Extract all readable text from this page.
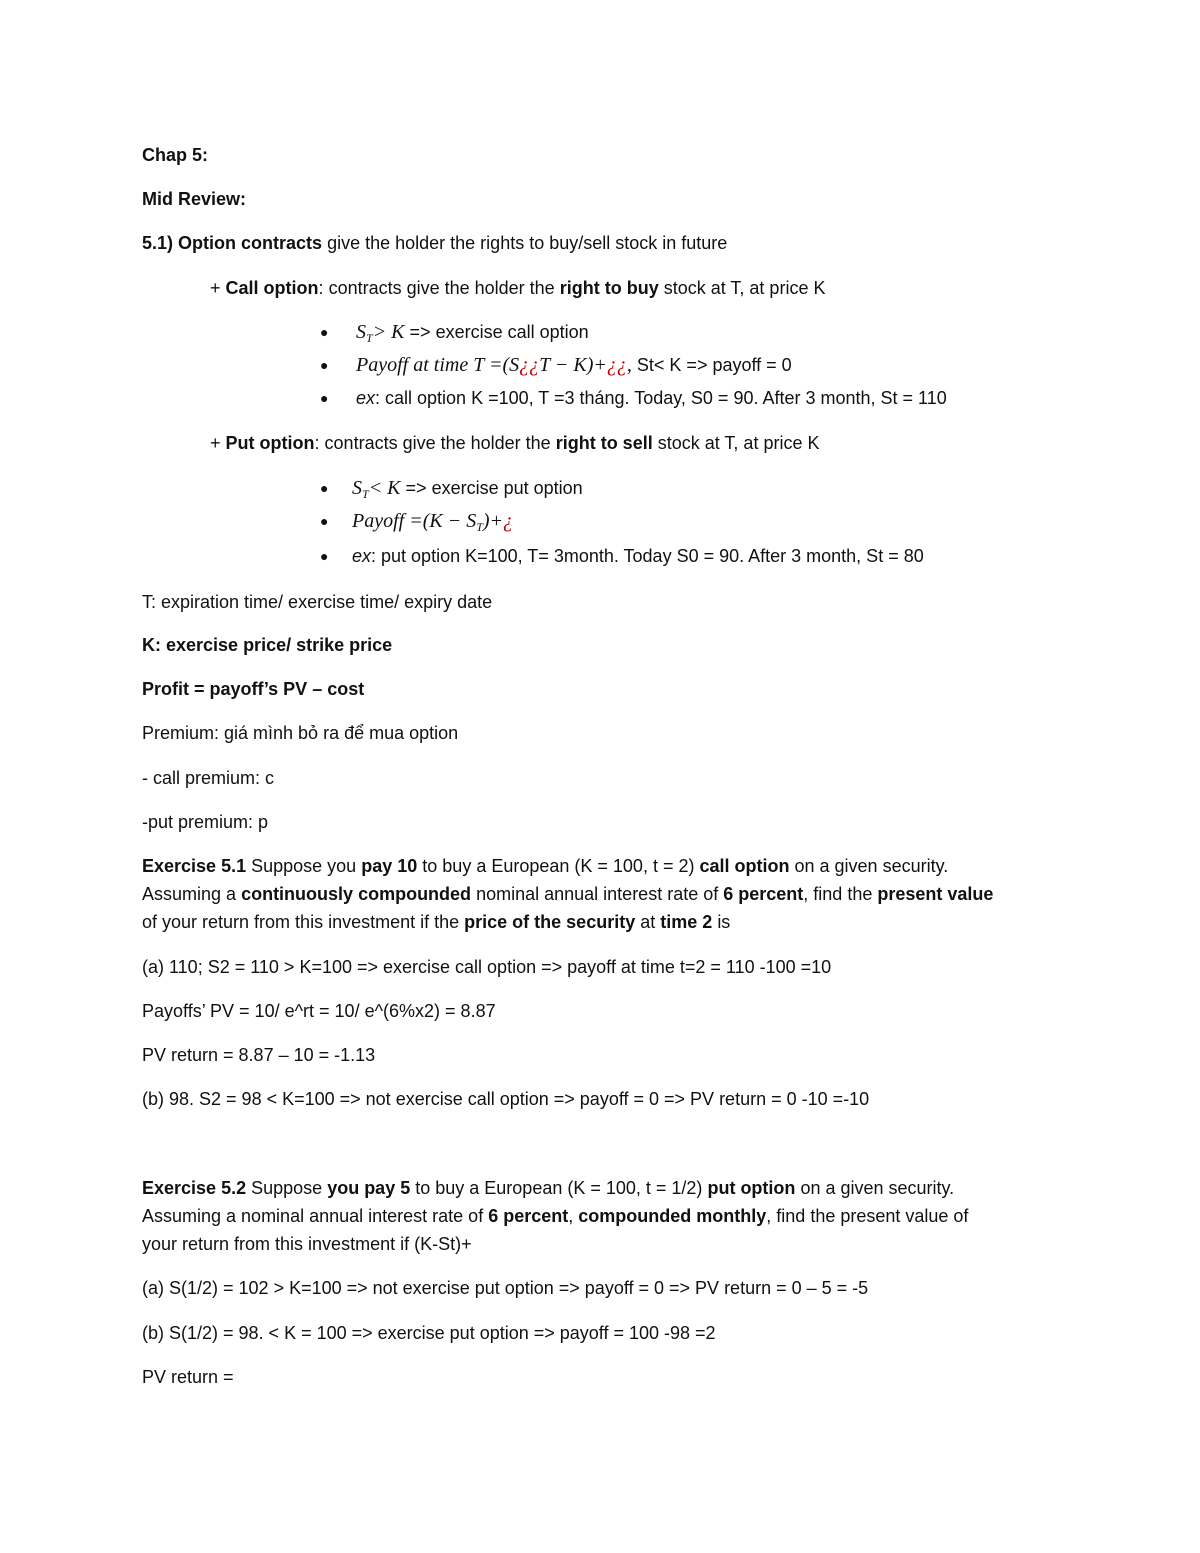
Chap 5:
Mid Review:
5.1) Option contracts give the holder the rights to buy/sell stock in future
+ Call option: contracts give the holder the right to buy stock at T, at price K
● $S_T> K$ => exercise call option
● Payoff at time T =(S¿¿T − K)+¿¿, St< K => payoff = 0
● ex: call option K =100, T =3 tháng. Today, S0 = 90. After 3 month, St = 110
+ Put option: contracts give the holder the right to sell stock at T, at price K
● $S_T< K$ => exercise put option
● Payoff $=(K - S_T)+¿$
● ex: put option K=100, T= 3month. Today S0 = 90. After 3 month, St = 80
T: expiration time/ exercise time/ expiry date
K: exercise price/ strike price
Profit = payoff’s PV – cost
Premium: giá mình bỏ ra để mua option
- call premium: c
-put premium: p
Exercise 5.1 Suppose you pay 10 to buy a European (K = 100, t = 2) call option on a given security.
Assuming a continuously compounded nominal annual interest rate of 6 percent, find the present value
of your return from this investment if the price of the security at time 2 is
(a) 110; S2 = 110 > K=100 => exercise call option => payoff at time t=2 = 110 -100 =10
Payoffs’ PV = 10/ e^rt = 10/ e^(6%x2) = 8.87
PV return = 8.87 – 10 = -1.13
(b) 98. S2 = 98 < K=100 => not exercise call option => payoff = 0 => PV return = 0 -10 =-10
Exercise 5.2 Suppose you pay 5 to buy a European (K = 100, t = 1/2) put option on a given security.
Assuming a nominal annual interest rate of 6 percent, compounded monthly, find the present value of
your return from this investment if (K-St)+
(a) S(1/2) = 102 > K=100 => not exercise put option => payoff = 0 => PV return = 0 – 5 = -5
(b) S(1/2) = 98. < K = 100 => exercise put option => payoff = 100 -98 =2
PV return =
